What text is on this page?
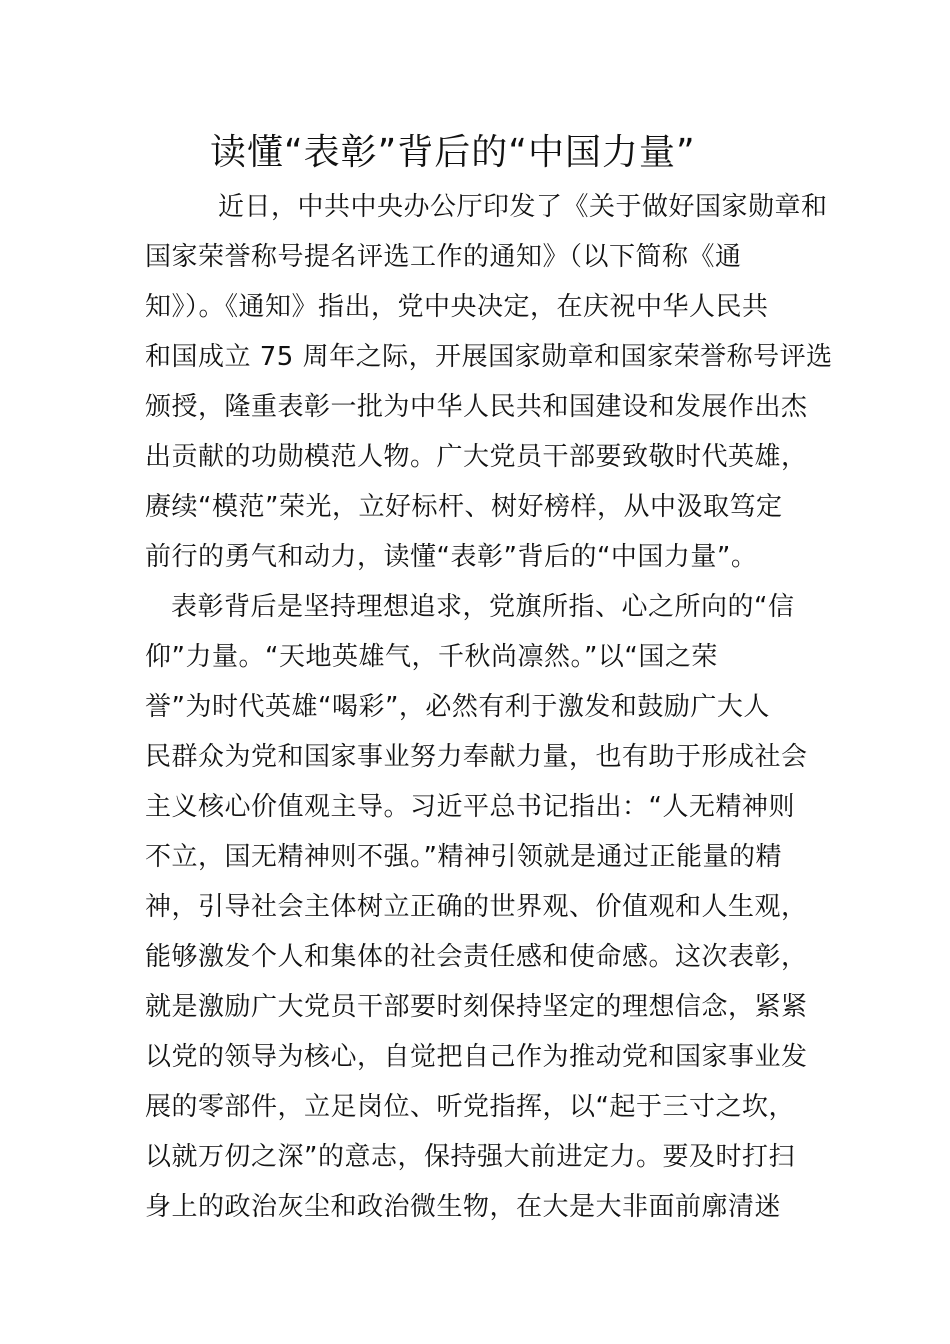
读懂“表彰”背后的“中国力量”
近日，中共中央办公厅印发了《关于做好国家勋章和
国家荣誉称号提名评选工作的通知》（以下简称《通
知》）。《通知》指出，党中央决定，在庆祝中华人民共
和国成立 75 周年之际，开展国家勋章和国家荣誉称号评选
颁授，隆重表彰一批为中华人民共和国建设和发展作出杰
出贡献的功勋模范人物。广大党员干部要致敬时代英雄，
赓续“模范”荣光，立好标杆、树好榜样，从中汲取笃定
前行的勇气和动力，读懂“表彰”背后的“中国力量”。
表彰背后是坚持理想追求，党旗所指、心之所向的“信
仰”力量。“天地英雄气，千秋尚凛然。”以“国之荣
誉”为时代英雄“喝彩”，必然有利于激发和鼓励广大人
民群众为党和国家事业努力奉献力量，也有助于形成社会
主义核心价值观主导。习近平总书记指出：“人无精神则
不立，国无精神则不强。”精神引领就是通过正能量的精
神，引导社会主体树立正确的世界观、价值观和人生观，
能够激发个人和集体的社会责任感和使命感。这次表彰，
就是激励广大党员干部要时刻保持坚定的理想信念，紧紧
以党的领导为核心，自觉把自己作为推动党和国家事业发
展的零部件，立足岗位、听党指挥，以“起于三寸之坎，
以就万仞之深”的意志，保持强大前进定力。要及时打扫
身上的政治灰尘和政治微生物，在大是大非面前廓清迷
